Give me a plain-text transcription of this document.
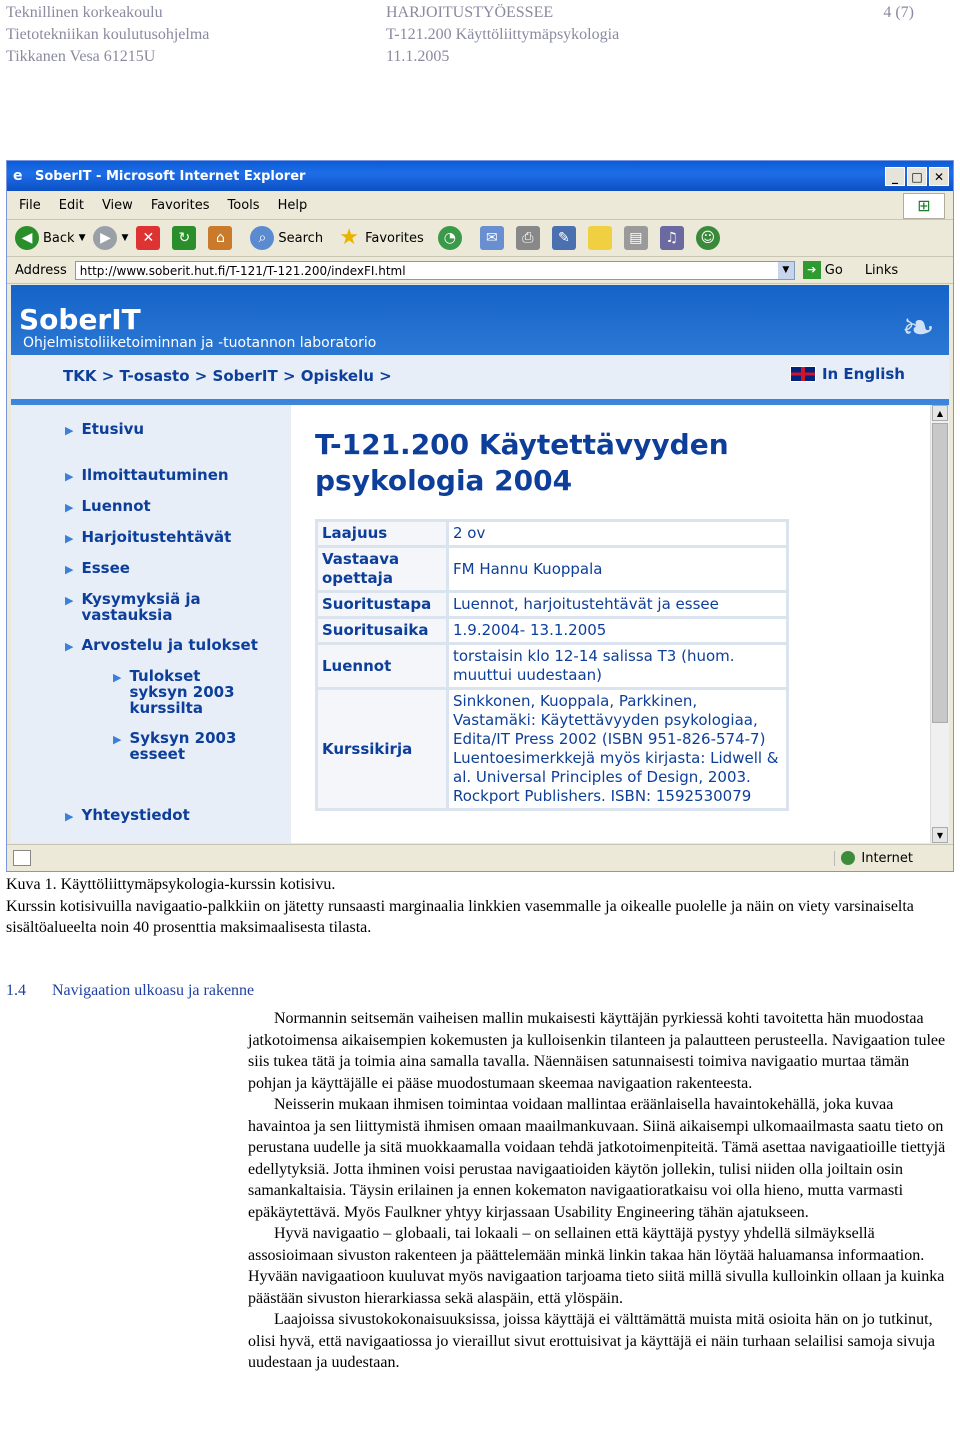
Teknillinen korkeakoulu
Tietotekniikan koulutusohjelma
Tikkanen Vesa 61215U
HARJOITUSTYÖESSEE
T-121.200 Käyttöliittymäpsykologia
11.1.2005
4 (7)
e SoberIT - Microsoft Internet Explorer	_	□ ✕
File Edit View Favorites Tools Help	⊞
◀ Back ▼	▶	▼	✕	↻	⌂	⌕ Search ★ Favorites	◔	✉	⎙	✎	▤	♫	☺
Address	http://www.soberit.hut.fi/T-121/T-121.200/indexFI.html	▼	➔ Go Links
SoberIT
Ohjelmistoliiketoiminnan ja -tuotannon laboratorio	❧
TKK > T-osasto > SoberIT > Opiskelu >	In English
▶ Etusivu
▶ Ilmoittautuminen
▶ Luennot
▶ Harjoitustehtävät
▶ Essee
▶ Kysymyksiä ja vastauksia
▶ Arvostelu ja tulokset
▶ Tulokset syksyn 2003 kurssilta
▶ Syksyn 2003 esseet
▶ Yhteystiedot
T-121.200 Käytettävyyden
psykologia 2004
Laajuus	2 ov
Vastaava opettaja	FM Hannu Kuoppala
Suoritustapa	Luennot, harjoitustehtävät ja essee
Suoritusaika	1.9.2004- 13.1.2005
Luennot	torstaisin klo 12-14 salissa T3 (huom. muuttui uudestaan)
Kurssikirja	Sinkkonen, Kuoppala, Parkkinen, Vastamäki: Käytettävyyden psykologiaa, Edita/IT Press 2002 (ISBN 951-826-574-7)
Luentoesimerkkejä myös kirjasta: Lidwell & al. Universal Principles of Design, 2003. Rockport Publishers. ISBN: 1592530079
▲
▼
Internet
Kuva 1. Käyttöliittymäpsykologia-kurssin kotisivu.
Kurssin kotisivuilla navigaatio-palkkiin on jätetty runsaasti marginaalia linkkien vasemmalle ja oikealle puolelle ja näin on viety varsinaiselta sisältöalueelta noin 40 prosenttia maksimaalisesta tilasta.
1.4 Navigaation ulkoasu ja rakenne

Normannin seitsemän vaiheisen mallin mukaisesti käyttäjän pyrkiessä kohti tavoitetta hän muodostaa jatkotoimensa aikaisempien kokemusten ja kulloisenkin tilanteen ja palautteen perusteella. Navigaation tulee siis tukea tätä ja toimia aina samalla tavalla. Näennäisen satunnaisesti toimiva navigaatio murtaa tämän pohjan ja käyttäjälle ei pääse muodostumaan skeemaa navigaation rakenteesta.

Neisserin mukaan ihmisen toimintaa voidaan mallintaa eräänlaisella havaintokehällä, joka kuvaa havaintoa ja sen liittymistä ihmisen omaan maailmankuvaan. Siinä aikaisempi ulkomaailmasta saatu tieto on perustana uudelle ja sitä muokkaamalla voidaan tehdä jatkotoimenpiteitä. Tämä asettaa navigaatioille tiettyjä edellytyksiä. Jotta ihminen voisi perustaa navigaatioiden käytön jollekin, tulisi niiden olla joiltain osin samankaltaisia. Täysin erilainen ja ennen kokematon navigaatioratkaisu voi olla hieno, mutta varmasti epäkäytettävä. Myös Faulkner yhtyy kirjassaan Usability Engineering tähän ajatukseen.

Hyvä navigaatio – globaali, tai lokaali – on sellainen että käyttäjä pystyy yhdellä silmäyksellä assosioimaan sivuston rakenteen ja päättelemään minkä linkin takaa hän löytää haluamansa informaation. Hyvään navigaatioon kuuluvat myös navigaation tarjoama tieto siitä millä sivulla kulloinkin ollaan ja kuinka päästään sivuston hierarkiassa sekä alaspäin, että ylöspäin.

Laajoissa sivustokokonaisuuksissa, joissa käyttäjä ei välttämättä muista mitä osioita hän on jo tutkinut, olisi hyvä, että navigaatiossa jo vieraillut sivut erottuisivat ja käyttäjä ei näin turhaan selailisi samoja sivuja uudestaan ja uudestaan.
